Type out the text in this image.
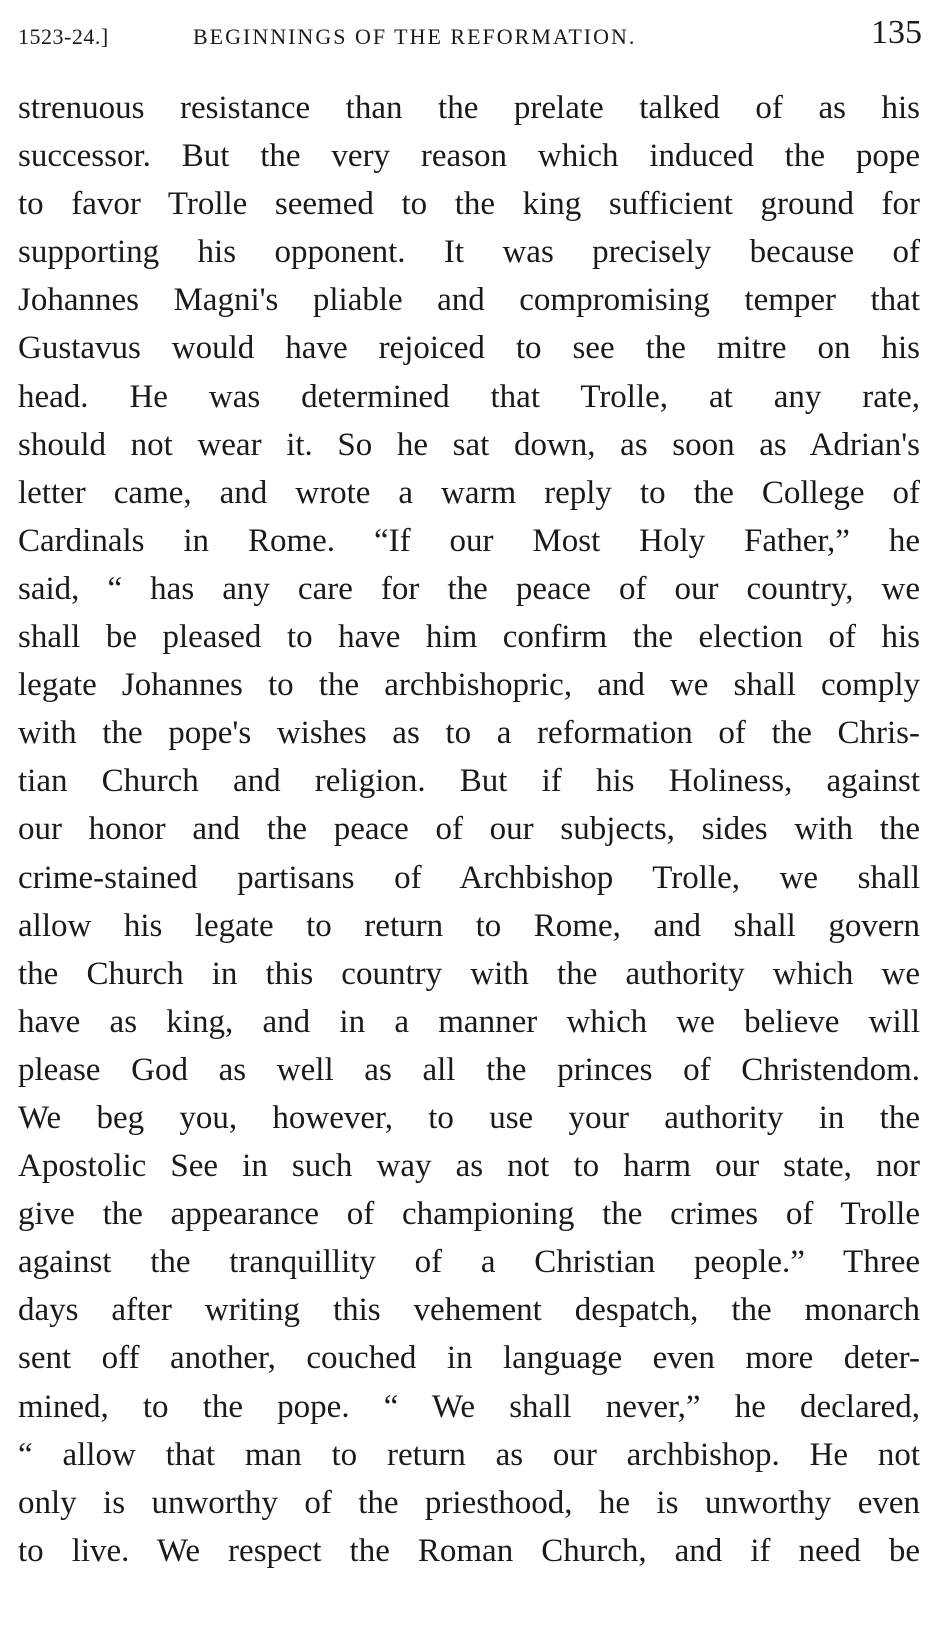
1523-24.]	BEGINNINGS OF THE REFORMATION.	135
strenuous resistance than the prelate talked of as his
successor. But the very reason which induced the pope
to favor Trolle seemed to the king sufficient ground for
supporting his opponent. It was precisely because of
Johannes Magni's pliable and compromising temper that
Gustavus would have rejoiced to see the mitre on his
head. He was determined that Trolle, at any rate,
should not wear it. So he sat down, as soon as Adrian's
letter came, and wrote a warm reply to the College of
Cardinals in Rome. “If our Most Holy Father,” he
said, “ has any care for the peace of our country, we
shall be pleased to have him confirm the election of his
legate Johannes to the archbishopric, and we shall comply
with the pope's wishes as to a reformation of the Chris-
tian Church and religion. But if his Holiness, against
our honor and the peace of our subjects, sides with the
crime-stained partisans of Archbishop Trolle, we shall
allow his legate to return to Rome, and shall govern
the Church in this country with the authority which we
have as king, and in a manner which we believe will
please God as well as all the princes of Christendom.
We beg you, however, to use your authority in the
Apostolic See in such way as not to harm our state, nor
give the appearance of championing the crimes of Trolle
against the tranquillity of a Christian people.” Three
days after writing this vehement despatch, the monarch
sent off another, couched in language even more deter-
mined, to the pope. “ We shall never,” he declared,
“ allow that man to return as our archbishop. He not
only is unworthy of the priesthood, he is unworthy even
to live. We respect the Roman Church, and if need be
